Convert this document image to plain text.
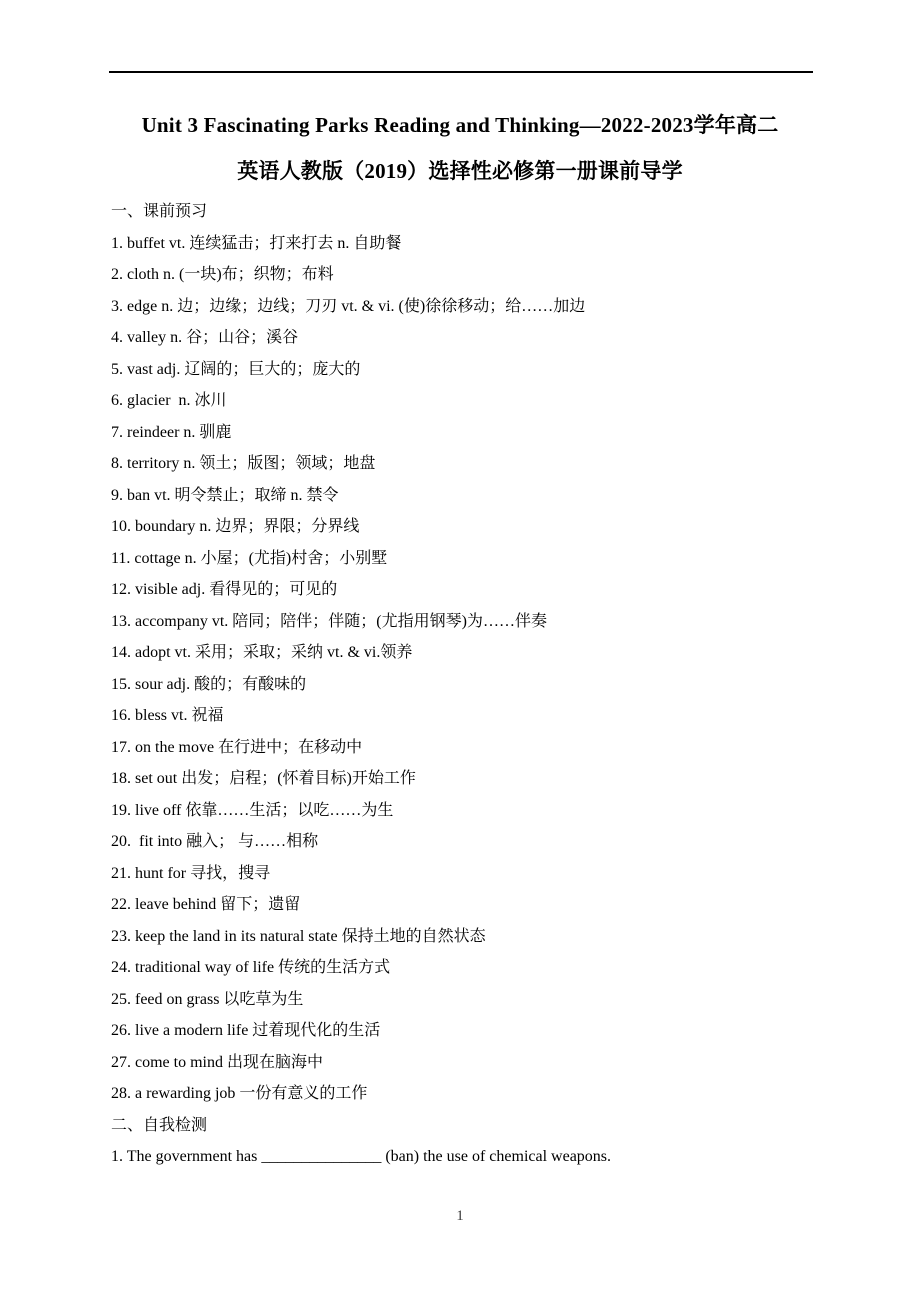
Unit 3 Fascinating Parks Reading and Thinking—2022-2023学年高二
英语人教版（2019）选择性必修第一册课前导学
一、课前预习
1. buffet vt. 连续猛击；打来打去 n. 自助餐
2. cloth n. (一块)布；织物；布料
3. edge n. 边；边缘；边线；刀刃 vt. & vi. (使)徐徐移动；给……加边
4. valley n. 谷；山谷；溪谷
5. vast adj. 辽阔的；巨大的；庞大的
6. glacier  n. 冰川
7. reindeer n. 驯鹿
8. territory n. 领土；版图；领域；地盘
9. ban vt. 明令禁止；取缔 n. 禁令
10. boundary n. 边界；界限；分界线
11. cottage n. 小屋；(尤指)村舍；小别墅
12. visible adj. 看得见的；可见的
13. accompany vt. 陪同；陪伴；伴随；(尤指用钢琴)为……伴奏
14. adopt vt. 采用；采取；采纳 vt. & vi.领养
15. sour adj. 酸的；有酸味的
16. bless vt. 祝福
17. on the move 在行进中；在移动中
18. set out 出发；启程；(怀着目标)开始工作
19. live off 依靠……生活；以吃……为生
20.  fit into 融入； 与……相称
21. hunt for 寻找，搜寻
22. leave behind 留下；遗留
23. keep the land in its natural state 保持土地的自然状态
24. traditional way of life 传统的生活方式
25. feed on grass 以吃草为生
26. live a modern life 过着现代化的生活
27. come to mind 出现在脑海中
28. a rewarding job 一份有意义的工作
二、自我检测
1. The government has _______________ (ban) the use of chemical weapons.
1
